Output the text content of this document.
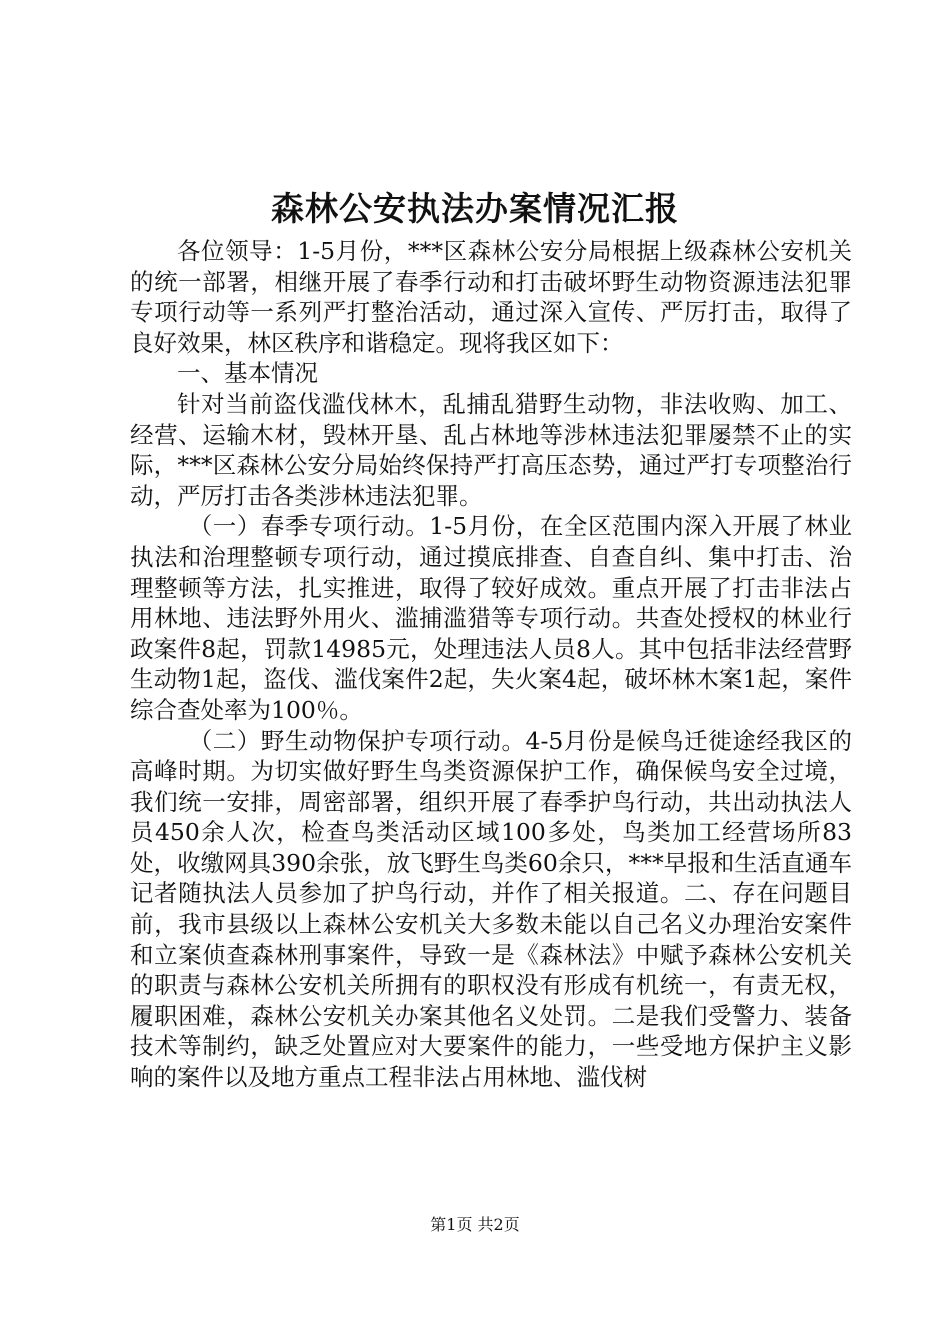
森林公安执法办案情况汇报

各位领导：1-5月份，***区森林公安分局根据上级森林公安机关的统一部署，相继开展了春季行动和打击破坏野生动物资源违法犯罪专项行动等一系列严打整治活动，通过深入宣传、严厉打击，取得了良好效果，林区秩序和谐稳定。现将我区如下：

一、基本情况

针对当前盗伐滥伐林木，乱捕乱猎野生动物，非法收购、加工、经营、运输木材，毁林开垦、乱占林地等涉林违法犯罪屡禁不止的实际，***区森林公安分局始终保持严打高压态势，通过严打专项整治行动，严厉打击各类涉林违法犯罪。

（一）春季专项行动。1-5月份，在全区范围内深入开展了林业执法和治理整顿专项行动，通过摸底排查、自查自纠、集中打击、治理整顿等方法，扎实推进，取得了较好成效。重点开展了打击非法占用林地、违法野外用火、滥捕滥猎等专项行动。共查处授权的林业行政案件8起，罚款14985元，处理违法人员8人。其中包括非法经营野生动物1起，盗伐、滥伐案件2起，失火案4起，破坏林木案1起，案件综合查处率为100％。

（二）野生动物保护专项行动。4-5月份是候鸟迁徙途经我区的高峰时期。为切实做好野生鸟类资源保护工作，确保候鸟安全过境，我们统一安排，周密部署，组织开展了春季护鸟行动，共出动执法人员450余人次，检查鸟类活动区域100多处，鸟类加工经营场所83处，收缴网具390余张，放飞野生鸟类60余只，***早报和生活直通车记者随执法人员参加了护鸟行动，并作了相关报道。二、存在问题目前，我市县级以上森林公安机关大多数未能以自己名义办理治安案件和立案侦查森林刑事案件，导致一是《森林法》中赋予森林公安机关的职责与森林公安机关所拥有的职权没有形成有机统一，有责无权，履职困难，森林公安机关办案其他名义处罚。二是我们受警力、装备技术等制约，缺乏处置应对大要案件的能力，一些受地方保护主义影响的案件以及地方重点工程非法占用林地、滥伐树

第1页 共2页
